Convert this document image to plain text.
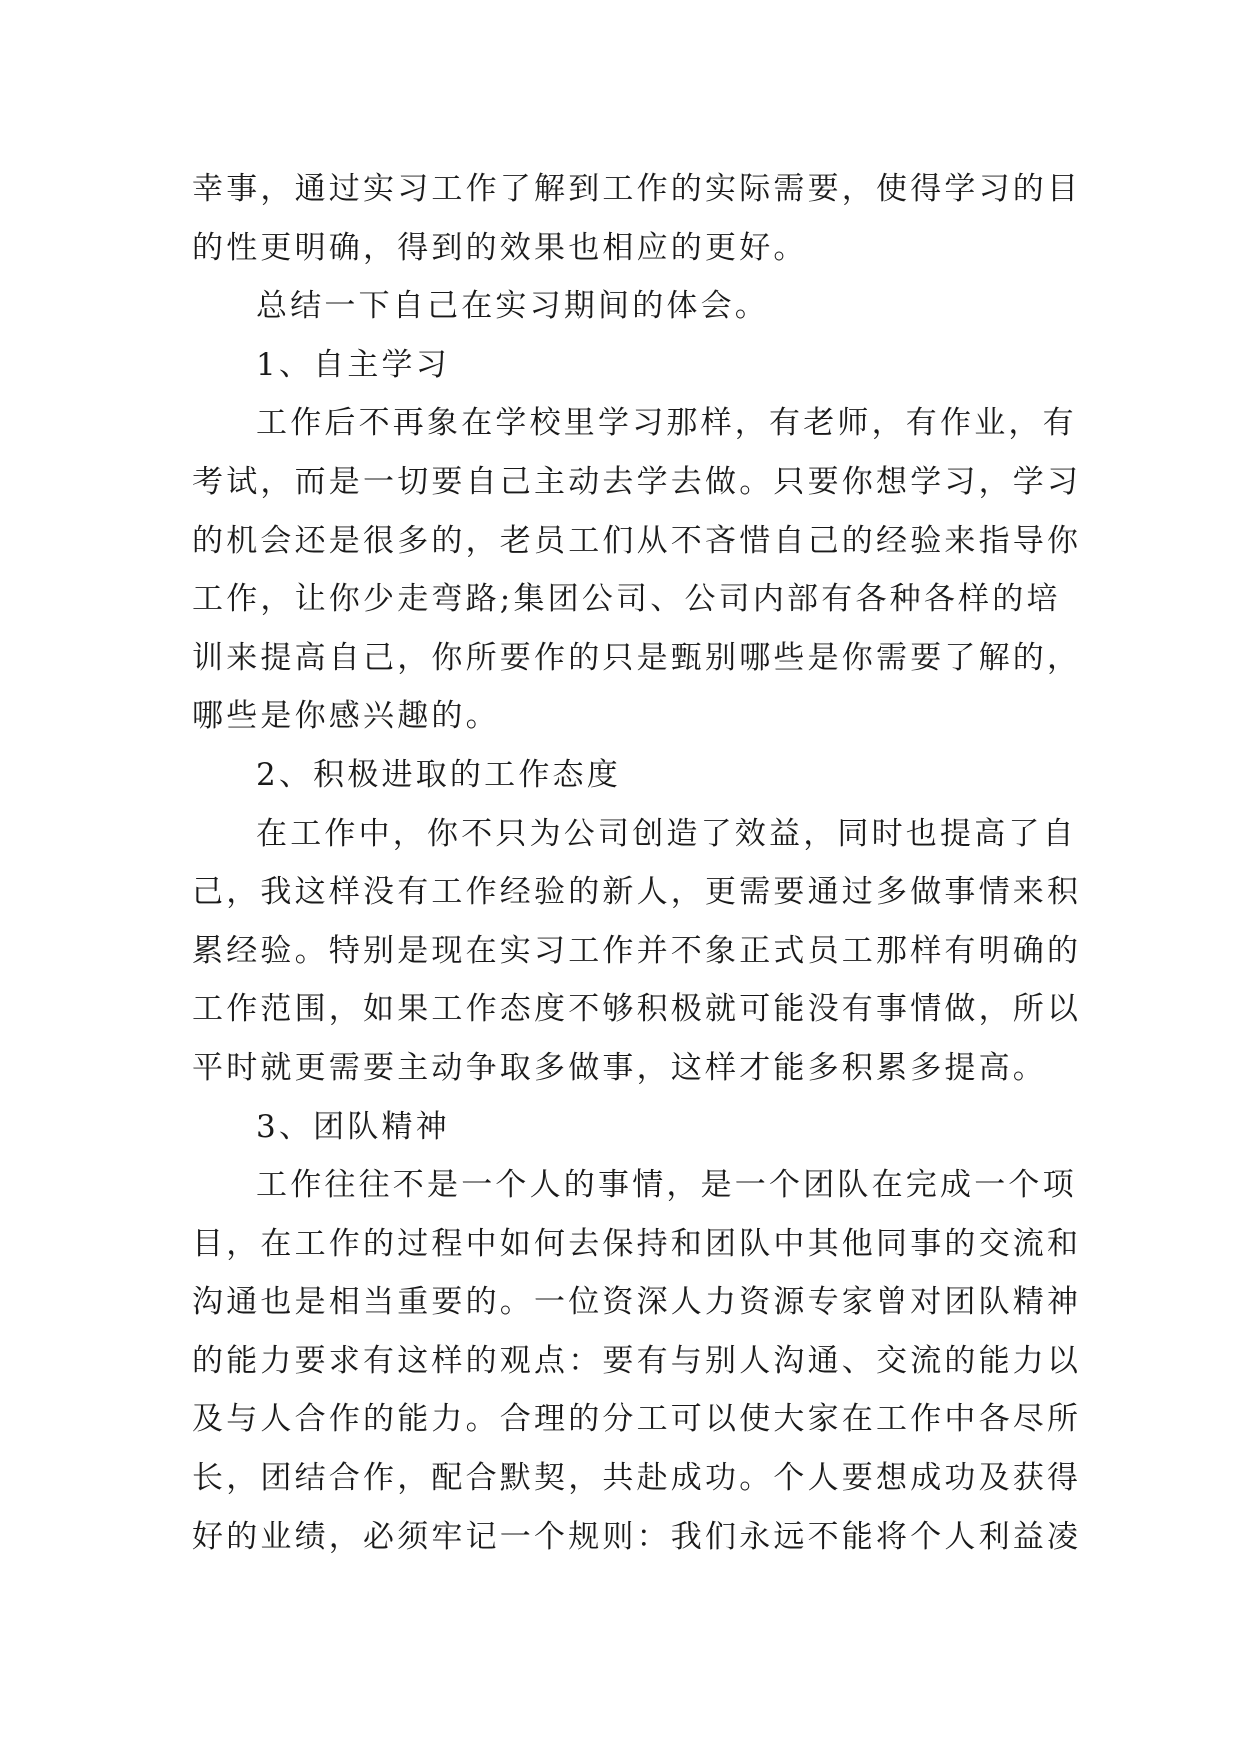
幸事，通过实习工作了解到工作的实际需要，使得学习的目
的性更明确，得到的效果也相应的更好。
总结一下自己在实习期间的体会。
1、自主学习
工作后不再象在学校里学习那样，有老师，有作业，有
考试，而是一切要自己主动去学去做。只要你想学习，学习
的机会还是很多的，老员工们从不吝惜自己的经验来指导你
工作，让你少走弯路;集团公司、公司内部有各种各样的培
训来提高自己，你所要作的只是甄别哪些是你需要了解的，
哪些是你感兴趣的。
2、积极进取的工作态度
在工作中，你不只为公司创造了效益，同时也提高了自
己，我这样没有工作经验的新人，更需要通过多做事情来积
累经验。特别是现在实习工作并不象正式员工那样有明确的
工作范围，如果工作态度不够积极就可能没有事情做，所以
平时就更需要主动争取多做事，这样才能多积累多提高。
3、团队精神
工作往往不是一个人的事情，是一个团队在完成一个项
目，在工作的过程中如何去保持和团队中其他同事的交流和
沟通也是相当重要的。一位资深人力资源专家曾对团队精神
的能力要求有这样的观点：要有与别人沟通、交流的能力以
及与人合作的能力。合理的分工可以使大家在工作中各尽所
长，团结合作，配合默契，共赴成功。个人要想成功及获得
好的业绩，必须牢记一个规则：我们永远不能将个人利益凌
